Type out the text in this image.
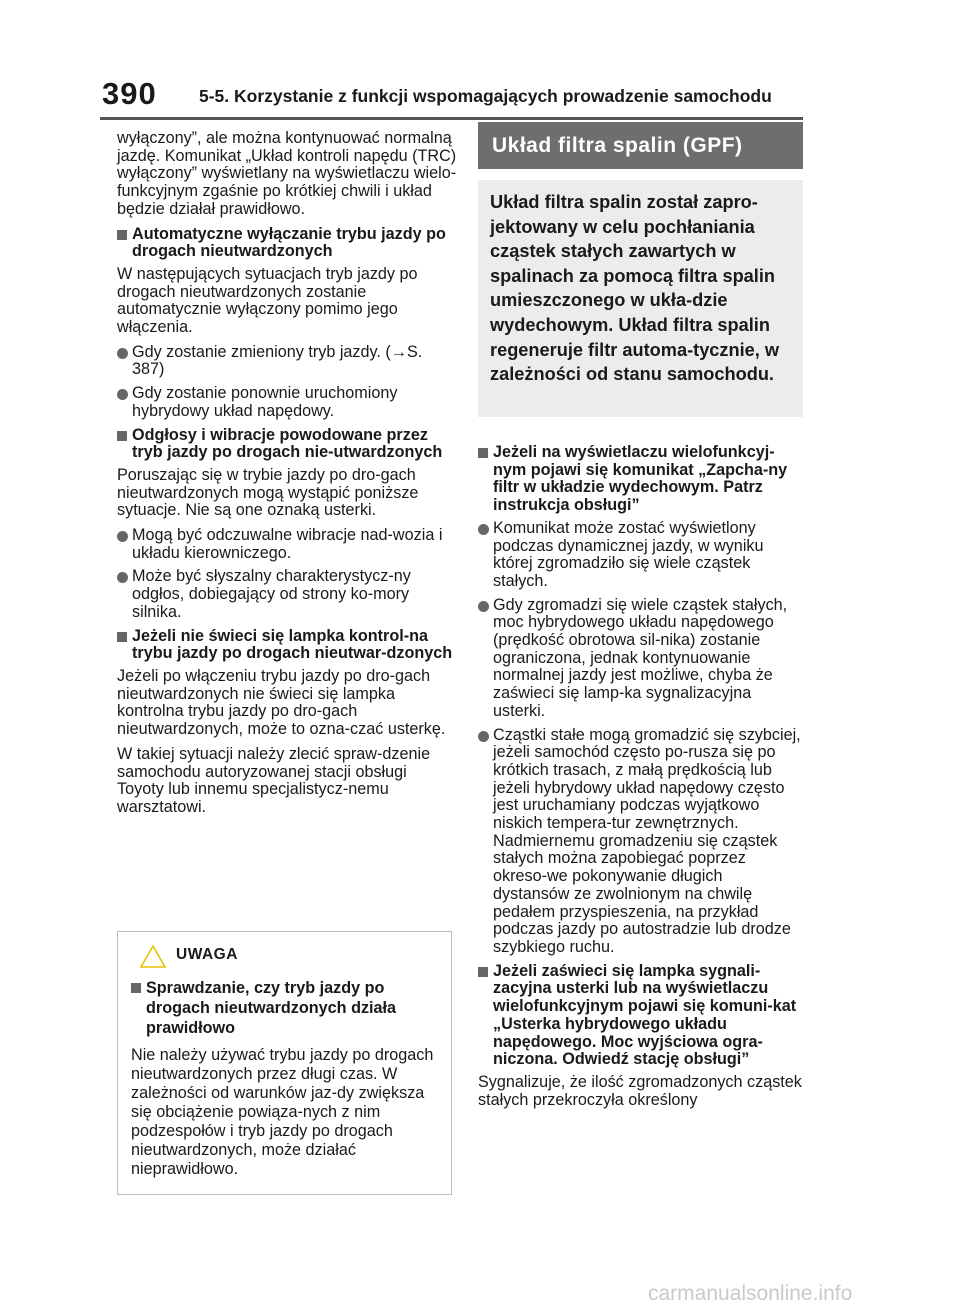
390 5-5. Korzystanie z funkcji wspomagających prowadzenie samochodu

wyłączony”, ale można kontynuować normalną jazdę. Komunikat „Układ kontroli napędu (TRC) wyłączony” wyświetlany na wyświetlaczu wielo-funkcyjnym zgaśnie po krótkiej chwili i układ będzie działał prawidłowo.

Automatyczne wyłączanie trybu jazdy po drogach nieutwardzonych

W następujących sytuacjach tryb jazdy po drogach nieutwardzonych zostanie automatycznie wyłączony pomimo jego włączenia.

Gdy zostanie zmieniony tryb jazdy. (→S. 387)
Gdy zostanie ponownie uruchomiony hybrydowy układ napędowy.
Odgłosy i wibracje powodowane przez tryb jazdy po drogach nie-utwardzonych

Poruszając się w trybie jazdy po dro-gach nieutwardzonych mogą wystąpić poniższe sytuacje. Nie są one oznaką usterki.

Mogą być odczuwalne wibracje nad-wozia i układu kierowniczego.
Może być słyszalny charakterystycz-ny odgłos, dobiegający od strony ko-mory silnika.
Jeżeli nie świeci się lampka kontrol-na trybu jazdy po drogach nieutwar-dzonych

Jeżeli po włączeniu trybu jazdy po dro-gach nieutwardzonych nie świeci się lampka kontrolna trybu jazdy po dro-gach nieutwardzonych, może to ozna-czać usterkę.

W takiej sytuacji należy zlecić spraw-dzenie samochodu autoryzowanej stacji obsługi Toyoty lub innemu specjalistycz-nemu warsztatowi.

UWAGA
Sprawdzanie, czy tryb jazdy po drogach nieutwardzonych działa prawidłowo

Nie należy używać trybu jazdy po drogach nieutwardzonych przez długi czas. W zależności od warunków jaz-dy zwiększa się obciążenie powiąza-nych z nim podzespołów i tryb jazdy po drogach nieutwardzonych, może działać nieprawidłowo.

Układ filtra spalin (GPF)
Układ filtra spalin został zapro-jektowany w celu pochłaniania cząstek stałych zawartych w spalinach za pomocą filtra spalin umieszczonego w ukła-dzie wydechowym. Układ filtra spalin regeneruje filtr automa-tycznie, w zależności od stanu samochodu.
Jeżeli na wyświetlaczu wielofunkcyj-nym pojawi się komunikat „Zapcha-ny filtr w układzie wydechowym. Patrz instrukcja obsługi”
Komunikat może zostać wyświetlony podczas dynamicznej jazdy, w wyniku której zgromadziło się wiele cząstek stałych.
Gdy zgromadzi się wiele cząstek stałych, moc hybrydowego układu napędowego (prędkość obrotowa sil-nika) zostanie ograniczona, jednak kontynuowanie normalnej jazdy jest możliwe, chyba że zaświeci się lamp-ka sygnalizacyjna usterki.
Cząstki stałe mogą gromadzić się szybciej, jeżeli samochód często po-rusza się po krótkich trasach, z małą prędkością lub jeżeli hybrydowy układ napędowy często jest uruchamiany podczas wyjątkowo niskich tempera-tur zewnętrznych. Nadmiernemu gromadzeniu się cząstek stałych można zapobiegać poprzez okreso-we pokonywanie długich dystansów ze zwolnionym na chwilę pedałem przyspieszenia, na przykład podczas jazdy po autostradzie lub drodze szybkiego ruchu.
Jeżeli zaświeci się lampka sygnali-zacyjna usterki lub na wyświetlaczu wielofunkcyjnym pojawi się komuni-kat „Usterka hybrydowego układu napędowego. Moc wyjściowa ogra-niczona. Odwiedź stację obsługi”

Sygnalizuje, że ilość zgromadzonych cząstek stałych przekroczyła określony

carmanualsonline.info
